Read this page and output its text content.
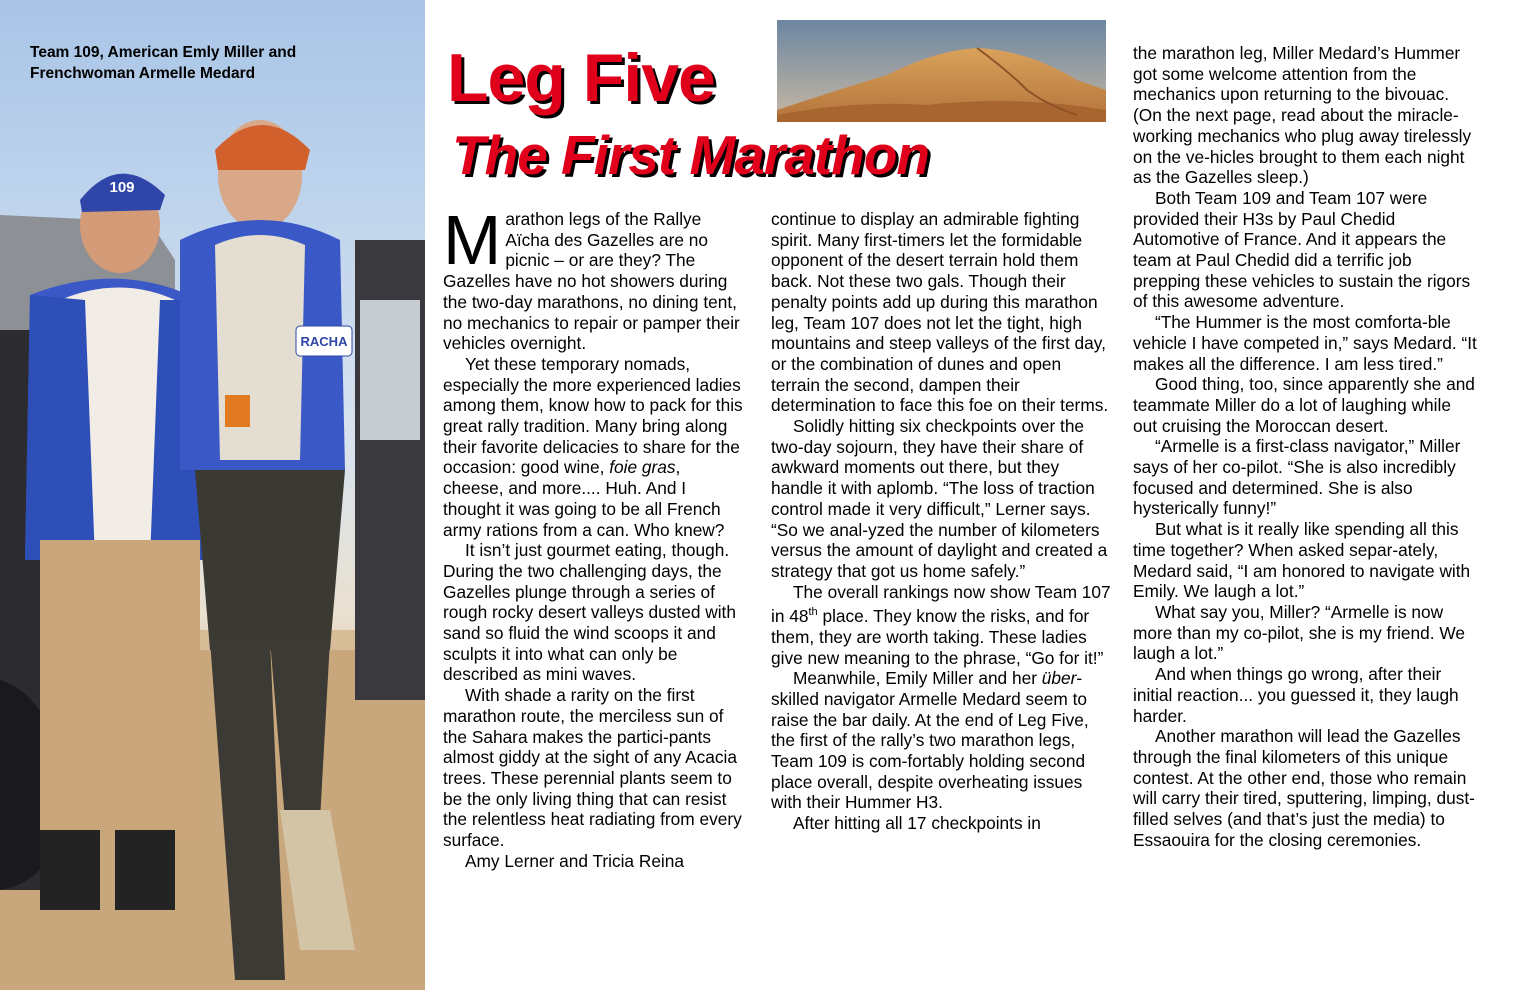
109
RACHA
Team 109, American Emly Miller and
Frenchwoman Armelle Medard	Leg Five
The First Marathon

Marathon legs of the Rallye Aïcha des Gazelles are no picnic – or are they? The Gazelles have no hot showers during the two-day marathons, no dining tent, no mechanics to repair or pamper their vehicles overnight.

Yet these temporary nomads, especially the more experienced ladies among them, know how to pack for this great rally tradition. Many bring along their favorite delicacies to share for the occasion: good wine, foie gras, cheese, and more.... Huh. And I thought it was going to be all French army rations from a can. Who knew?

It isn’t just gourmet eating, though. During the two challenging days, the Gazelles plunge through a series of rough rocky desert valleys dusted with sand so fluid the wind scoops it and sculpts it into what can only be described as mini waves.

With shade a rarity on the first marathon route, the merciless sun of the Sahara makes the partici-pants almost giddy at the sight of any Acacia trees. These perennial plants seem to be the only living thing that can resist the relentless heat radiating from every surface.

Amy Lerner and Tricia Reina

continue to display an admirable fighting spirit. Many first-timers let the formidable opponent of the desert terrain hold them back. Not these two gals. Though their penalty points add up during this marathon leg, Team 107 does not let the tight, high mountains and steep valleys of the first day, or the combination of dunes and open terrain the second, dampen their determination to face this foe on their terms.

Solidly hitting six checkpoints over the two-day sojourn, they have their share of awkward moments out there, but they handle it with aplomb. “The loss of traction control made it very difficult,” Lerner says. “So we anal-yzed the number of kilometers versus the amount of daylight and created a strategy that got us home safely.”

The overall rankings now show Team 107 in 48th place. They know the risks, and for them, they are worth taking. These ladies give new meaning to the phrase, “Go for it!”

Meanwhile, Emily Miller and her über-skilled navigator Armelle Medard seem to raise the bar daily. At the end of Leg Five, the first of the rally’s two marathon legs, Team 109 is com-fortably holding second place overall, despite overheating issues with their Hummer H3.

After hitting all 17 checkpoints in

the marathon leg, Miller Medard’s Hummer got some welcome attention from the mechanics upon returning to the bivouac. (On the next page, read about the miracle-working mechanics who plug away tirelessly on the ve-hicles brought to them each night as the Gazelles sleep.)

Both Team 109 and Team 107 were provided their H3s by Paul Chedid Automotive of France. And it appears the team at Paul Chedid did a terrific job prepping these vehicles to sustain the rigors of this awesome adventure.

“The Hummer is the most comforta-ble vehicle I have competed in,” says Medard. “It makes all the difference. I am less tired.”

Good thing, too, since apparently she and teammate Miller do a lot of laughing while out cruising the Moroccan desert.

“Armelle is a first-class navigator,” Miller says of her co-pilot. “She is also incredibly focused and determined. She is also hysterically funny!”

But what is it really like spending all this time together? When asked separ-ately, Medard said, “I am honored to navigate with Emily. We laugh a lot.”

What say you, Miller? “Armelle is now more than my co-pilot, she is my friend. We laugh a lot.”

And when things go wrong, after their initial reaction... you guessed it, they laugh harder.

Another marathon will lead the Gazelles through the final kilometers of this unique contest. At the other end, those who remain will carry their tired, sputtering, limping, dust-filled selves (and that’s just the media) to Essaouira for the closing ceremonies.
